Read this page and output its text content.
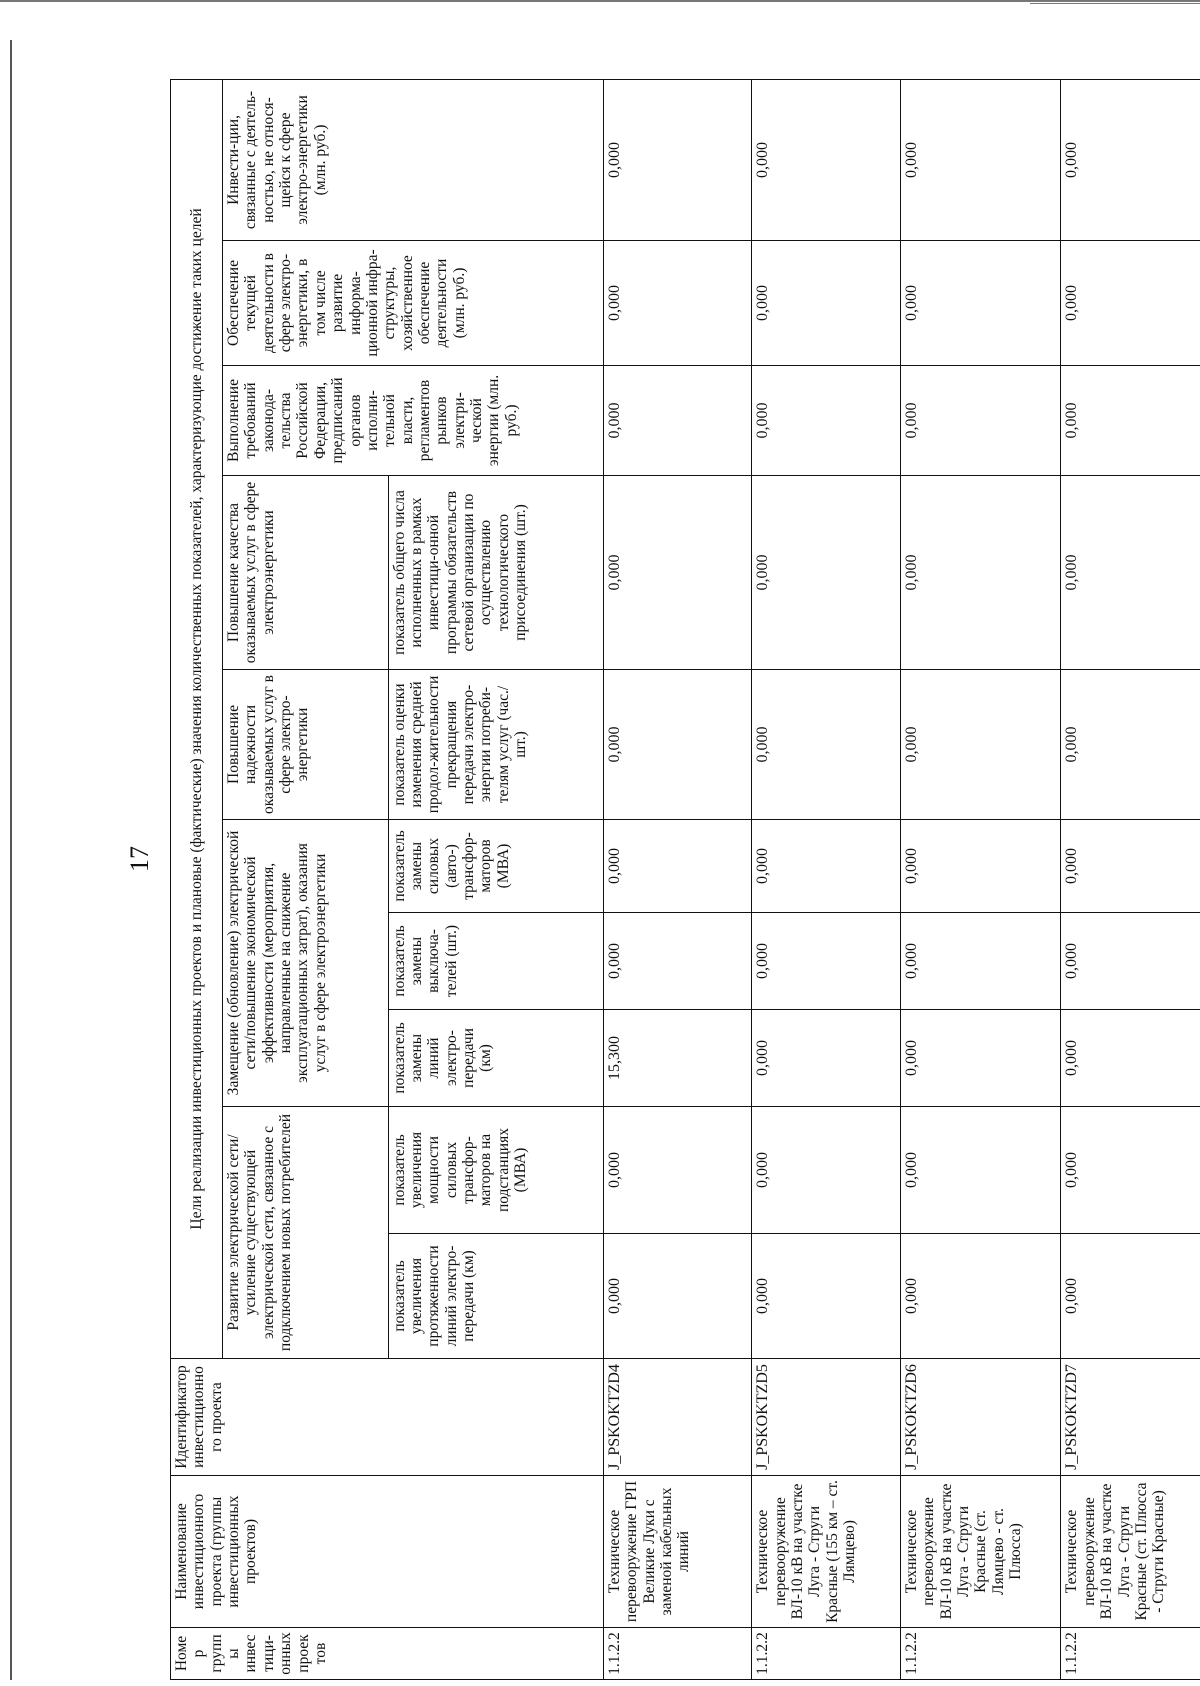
17
Номер группы инвестици-онных проектов	Наименование инвестиционного проекта (группы инвестиционных проектов)	Идентификатор инвестиционного проекта	Цели реализации инвестиционных проектов и плановые (фактические) значения количественных показателей, характеризующие достижение таких целей									
			Развитие электрической сети/усиление существующей электрической сети, связанное с подключением новых потребителей		Замещение (обновление) электрической сети/повышение экономической эффективности (мероприятия, направленные на снижение эксплуатационных затрат), оказания услуг в сфере электроэнергетики			Повышение надежности оказываемых услуг в сфере электро-энергетики	Повышение качества оказываемых услуг в сфере электроэнергетики	Выполнение требований законода-тельства Российской Федерации, предписаний органов исполни-тельной власти, регламентов рынков электри-ческой энергии (млн. руб.)	Обеспечение текущей деятельности в сфере электро-энергетики, в том числе развитие информа-ционной инфра-структуры, хозяйственное обеспечение деятельности (млн. руб.)	Инвести-ции, связанные с деятель-ностью, не относя-щейся к сфере электро-энергетики (млн. руб.)
			показатель увеличения протяженности линий электро-передачи (км)	показатель увеличения мощности силовых трансфор-маторов на подстанциях (МВА)	показатель замены линий электро-передачи (км)	показатель замены выключа-телей (шт.)	показатель замены силовых (авто-) трансфор-маторов (МВА)	показатель оценки изменения средней продол-жительности прекращения передачи электро-энергии потреби-телям услуг (час./шт.)	показатель общего числа исполненных в рамках инвестици-онной программы обязательств сетевой организации по осуществлению технологического присоединения (шт.)			
1.1.2.2	Техническое перевооружение ГРП Великие Луки с заменой кабельных линий	J_PSKOKTZD4	0,000	0,000	15,300	0,000	0,000	0,000	0,000	0,000	0,000	0,000
1.1.2.2	Техническое перевооружение ВЛ-10 кВ на участке Луга - Струги Красные (155 км – ст. Лямцево)	J_PSKOKTZD5	0,000	0,000	0,000	0,000	0,000	0,000	0,000	0,000	0,000	0,000
1.1.2.2	Техническое перевооружение ВЛ-10 кВ на участке Луга - Струги Красные (ст. Лямцево - ст. Плюсса)	J_PSKOKTZD6	0,000	0,000	0,000	0,000	0,000	0,000	0,000	0,000	0,000	0,000
1.1.2.2	Техническое перевооружение ВЛ-10 кВ на участке Луга - Струги Красные (ст. Плюсса - Струги Красные)	J_PSKOKTZD7	0,000	0,000	0,000	0,000	0,000	0,000	0,000	0,000	0,000	0,000
